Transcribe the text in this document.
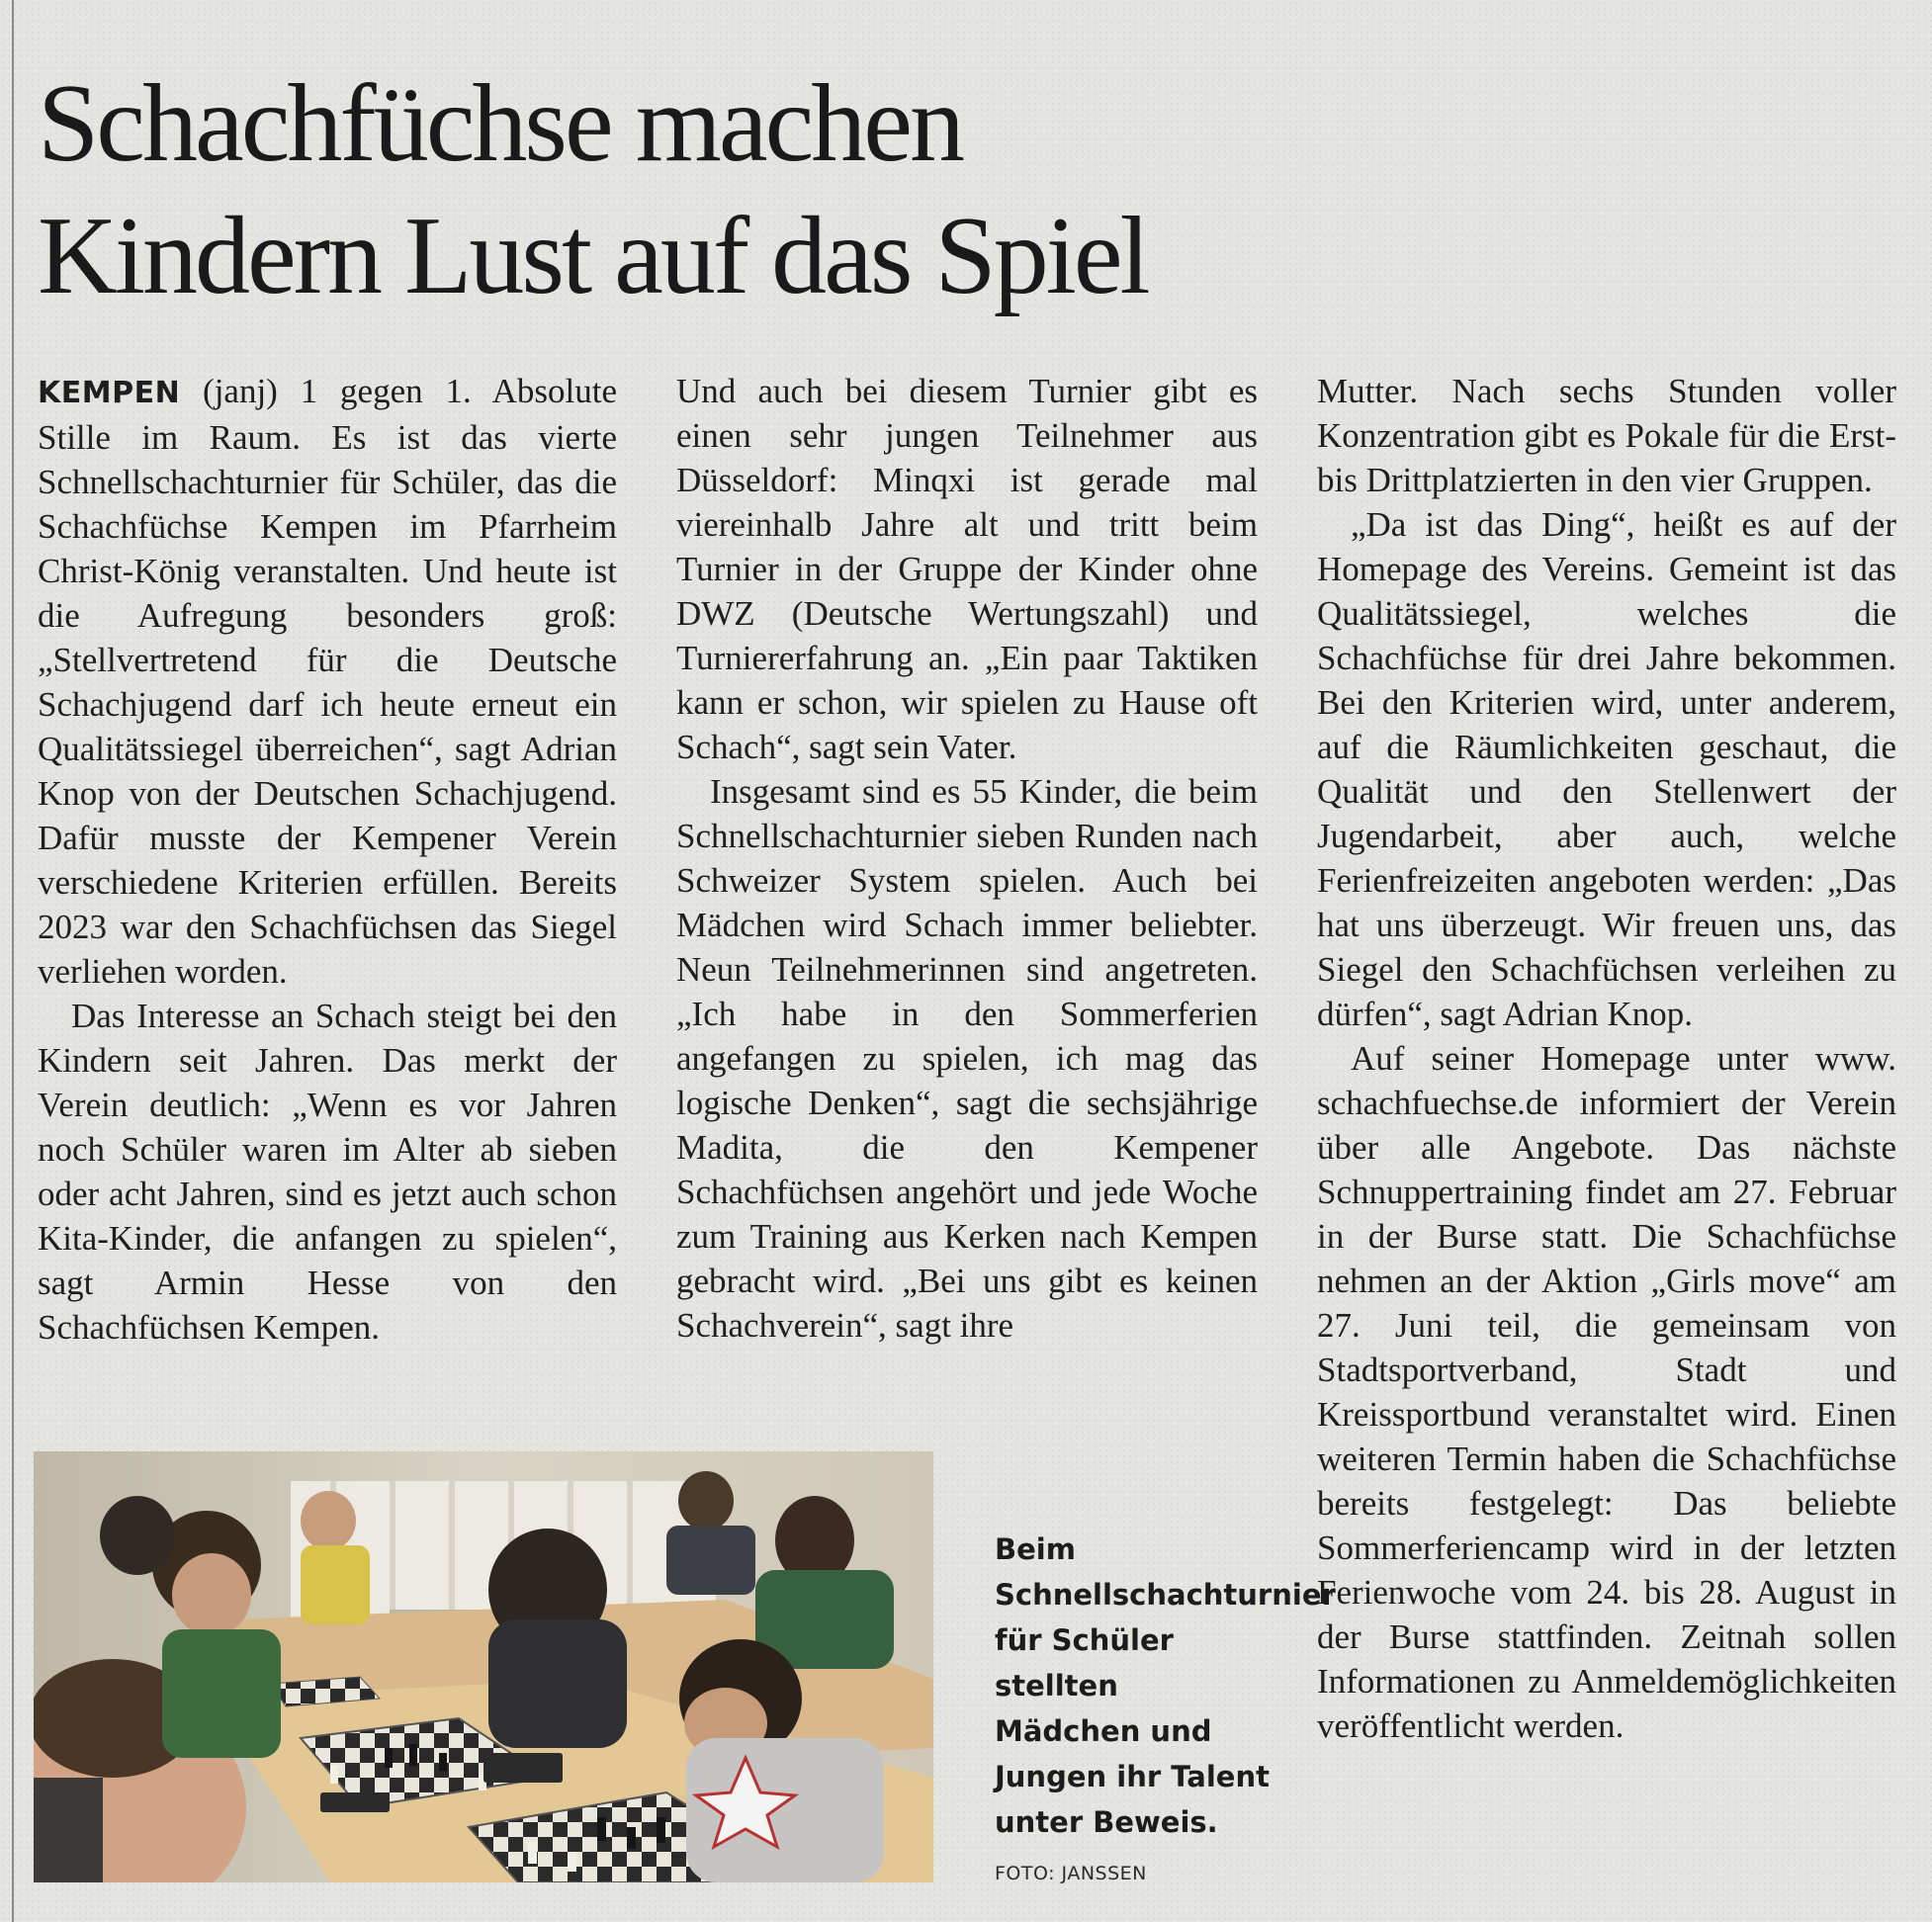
Schachfüchse machen
Kindern Lust auf das Spiel

KEMPEN (janj) 1 gegen 1. Absolute Stille im Raum. Es ist das vierte Schnellschachturnier für Schüler, das die Schachfüchse Kempen im Pfarrheim Christ-König veranstalten. Und heute ist die Aufregung besonders groß: „Stellvertretend für die Deutsche Schachjugend darf ich heute erneut ein Qualitätssiegel überreichen“, sagt Adrian Knop von der Deutschen Schachjugend. Dafür musste der Kempener Verein verschiedene Kriterien erfüllen. Bereits 2023 war den Schachfüchsen das Siegel verliehen worden.

Das Interesse an Schach steigt bei den Kindern seit Jahren. Das merkt der Verein deutlich: „Wenn es vor Jahren noch Schüler waren im Alter ab sieben oder acht Jahren, sind es jetzt auch schon Kita-Kinder, die anfangen zu spielen“, sagt Armin Hesse von den Schachfüchsen Kempen.

Und auch bei diesem Turnier gibt es einen sehr jungen Teilnehmer aus Düsseldorf: Minqxi ist gerade mal viereinhalb Jahre alt und tritt beim Turnier in der Gruppe der Kinder ohne DWZ (Deutsche Wertungszahl) und Turniererfahrung an. „Ein paar Taktiken kann er schon, wir spielen zu Hause oft Schach“, sagt sein Vater.

Insgesamt sind es 55 Kinder, die beim Schnellschachturnier sieben Runden nach Schweizer System spielen. Auch bei Mädchen wird Schach immer beliebter. Neun Teilnehmerinnen sind angetreten. „Ich habe in den Sommerferien angefangen zu spielen, ich mag das logische Denken“, sagt die sechsjährige Madita, die den Kempener Schachfüchsen angehört und jede Woche zum Training aus Kerken nach Kempen gebracht wird. „Bei uns gibt es keinen Schachverein“, sagt ihre

Mutter. Nach sechs Stunden voller Konzentration gibt es Pokale für die Erst- bis Drittplatzierten in den vier Gruppen.

„Da ist das Ding“, heißt es auf der Homepage des Vereins. Gemeint ist das Qualitätssiegel, welches die Schachfüchse für drei Jahre bekommen. Bei den Kriterien wird, unter anderem, auf die Räumlichkeiten geschaut, die Qualität und den Stellenwert der Jugendarbeit, aber auch, welche Ferienfreizeiten angeboten werden: „Das hat uns überzeugt. Wir freuen uns, das Siegel den Schachfüchsen verleihen zu dürfen“, sagt Adrian Knop.

Auf seiner Homepage unter www. schachfuechse.de informiert der Verein über alle Angebote. Das nächste Schnuppertraining findet am 27. Februar in der Burse statt. Die Schachfüchse nehmen an der Aktion „Girls move“ am 27. Juni teil, die gemeinsam von Stadtsportverband, Stadt und Kreissportbund veranstaltet wird. Einen weiteren Termin haben die Schachfüchse bereits festgelegt: Das beliebte Sommerferiencamp wird in der letzten Ferienwoche vom 24. bis 28. August in der Burse stattfinden. Zeitnah sollen Informationen zu Anmeldemöglichkeiten veröffentlicht werden.

Beim Schnellschachturnier für Schüler stellten Mädchen und Jungen ihr Talent unter Beweis.

FOTO: JANSSEN
